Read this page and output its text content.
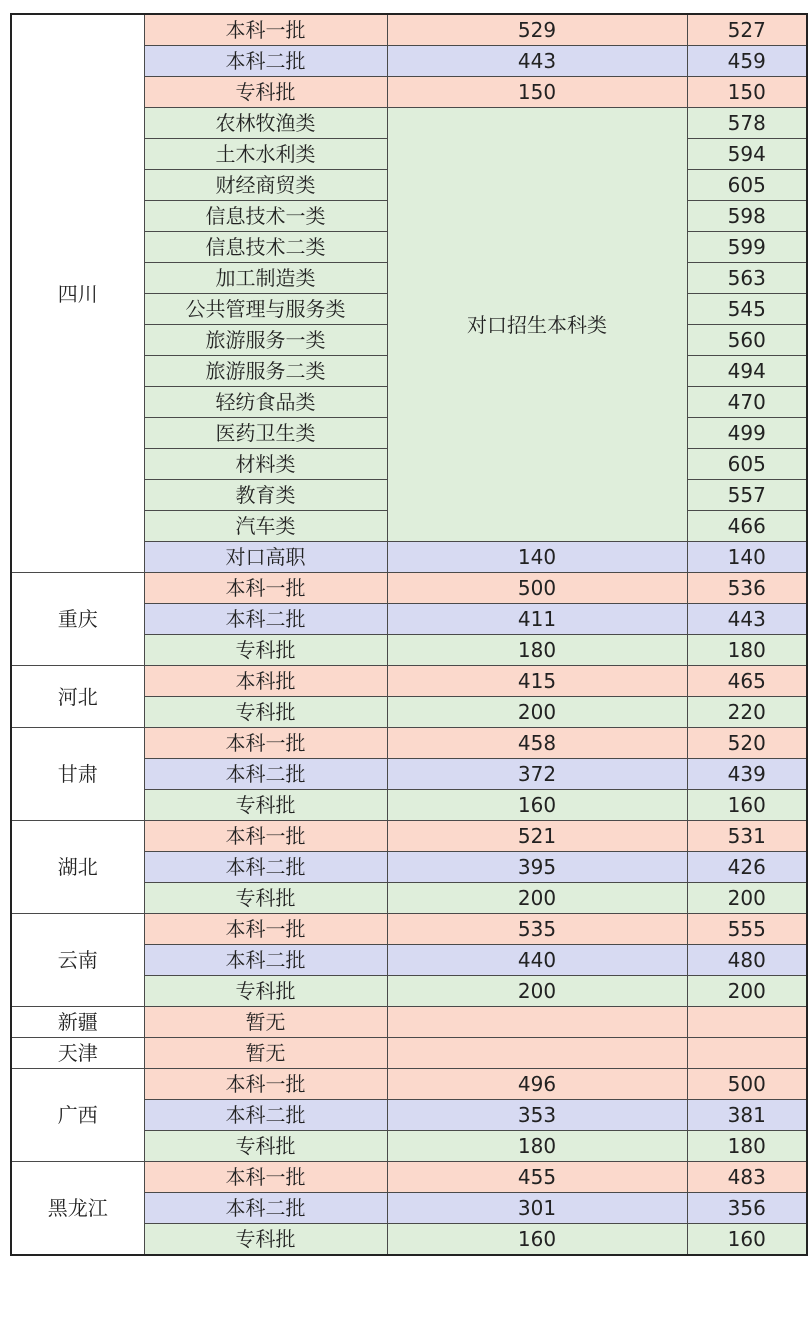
四川	本科一批	529	527
	本科二批	443	459
	专科批	150	150
	农林牧渔类	对口招生本科类	578
	土木水利类		594
	财经商贸类		605
	信息技术一类		598
	信息技术二类		599
	加工制造类		563
	公共管理与服务类		545
	旅游服务一类		560
	旅游服务二类		494
	轻纺食品类		470
	医药卫生类		499
	材料类		605
	教育类		557
	汽车类		466
	对口高职	140	140
重庆	本科一批	500	536
	本科二批	411	443
	专科批	180	180
河北	本科批	415	465
	专科批	200	220
甘肃	本科一批	458	520
	本科二批	372	439
	专科批	160	160
湖北	本科一批	521	531
	本科二批	395	426
	专科批	200	200
云南	本科一批	535	555
	本科二批	440	480
	专科批	200	200
新疆	暂无		
天津	暂无		
广西	本科一批	496	500
	本科二批	353	381
	专科批	180	180
黑龙江	本科一批	455	483
	本科二批	301	356
	专科批	160	160
